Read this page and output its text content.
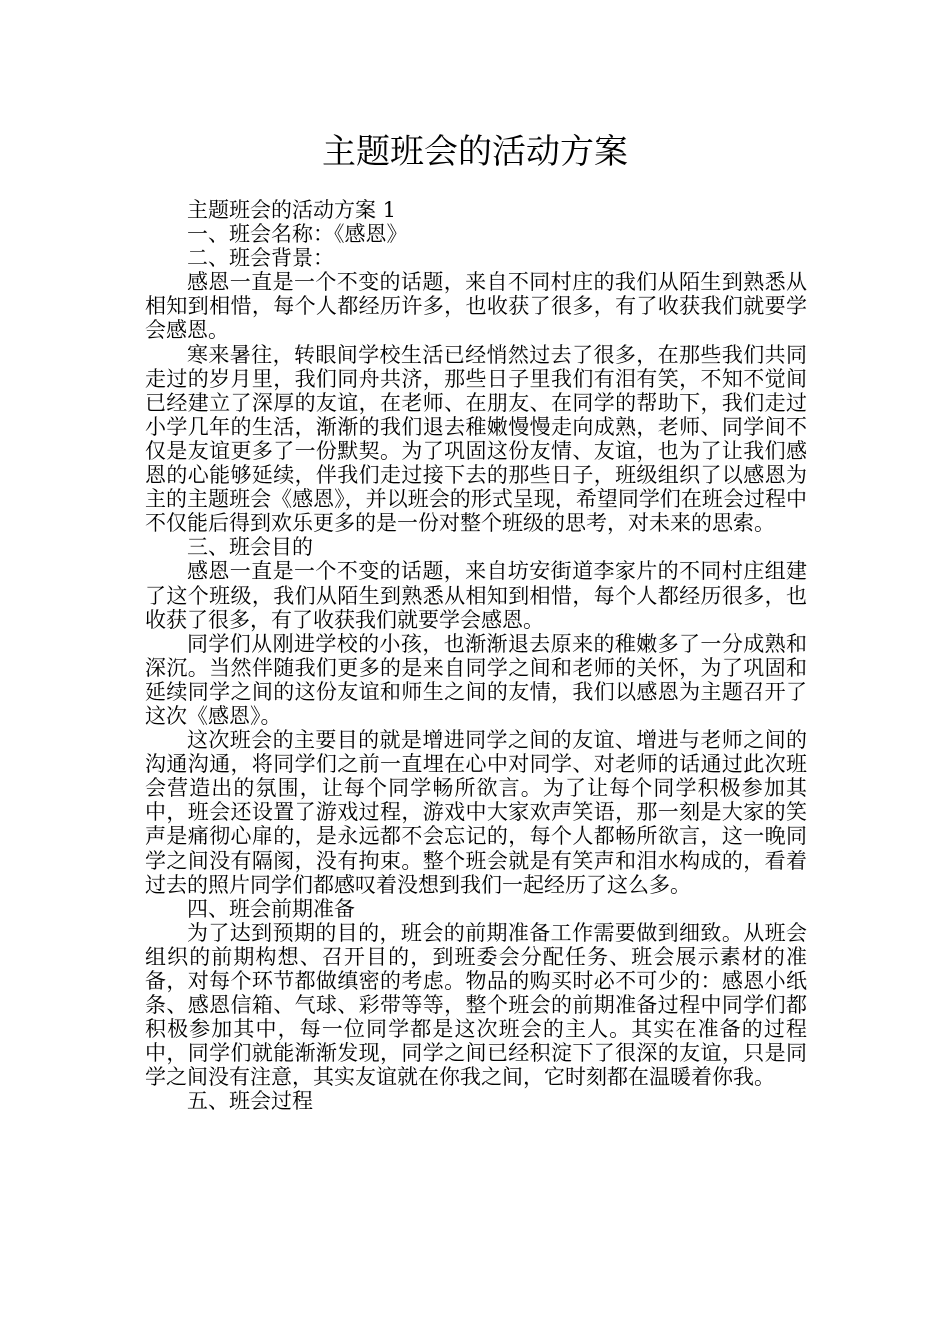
主题班会的活动方案

主题班会的活动方案 1

一、班会名称：《感恩》

二、班会背景：

感恩一直是一个不变的话题，来自不同村庄的我们从陌生到熟悉从相知到相惜，每个人都经历许多，也收获了很多，有了收获我们就要学会感恩。

寒来暑往，转眼间学校生活已经悄然过去了很多，在那些我们共同走过的岁月里，我们同舟共济，那些日子里我们有泪有笑，不知不觉间已经建立了深厚的友谊，在老师、在朋友、在同学的帮助下，我们走过小学几年的生活，渐渐的我们退去稚嫩慢慢走向成熟，老师、同学间不仅是友谊更多了一份默契。为了巩固这份友情、友谊，也为了让我们感恩的心能够延续，伴我们走过接下去的那些日子，班级组织了以感恩为主的主题班会《感恩》，并以班会的形式呈现，希望同学们在班会过程中不仅能后得到欢乐更多的是一份对整个班级的思考，对未来的思索。

三、班会目的

感恩一直是一个不变的话题，来自坊安街道李家片的不同村庄组建了这个班级，我们从陌生到熟悉从相知到相惜，每个人都经历很多，也收获了很多，有了收获我们就要学会感恩。

同学们从刚进学校的小孩，也渐渐退去原来的稚嫩多了一分成熟和深沉。当然伴随我们更多的是来自同学之间和老师的关怀，为了巩固和延续同学之间的这份友谊和师生之间的友情，我们以感恩为主题召开了这次《感恩》。

这次班会的主要目的就是增进同学之间的友谊、增进与老师之间的沟通沟通，将同学们之前一直埋在心中对同学、对老师的话通过此次班会营造出的氛围，让每个同学畅所欲言。为了让每个同学积极参加其中，班会还设置了游戏过程，游戏中大家欢声笑语，那一刻是大家的笑声是痛彻心扉的，是永远都不会忘记的，每个人都畅所欲言，这一晚同学之间没有隔阂，没有拘束。整个班会就是有笑声和泪水构成的，看着过去的照片同学们都感叹着没想到我们一起经历了这么多。

四、班会前期准备

为了达到预期的目的，班会的前期准备工作需要做到细致。从班会组织的前期构想、召开目的，到班委会分配任务、班会展示素材的准备，对每个环节都做缜密的考虑。物品的购买时必不可少的：感恩小纸条、感恩信箱、气球、彩带等等，整个班会的前期准备过程中同学们都积极参加其中，每一位同学都是这次班会的主人。其实在准备的过程中，同学们就能渐渐发现，同学之间已经积淀下了很深的友谊，只是同学之间没有注意，其实友谊就在你我之间，它时刻都在温暖着你我。

五、班会过程
